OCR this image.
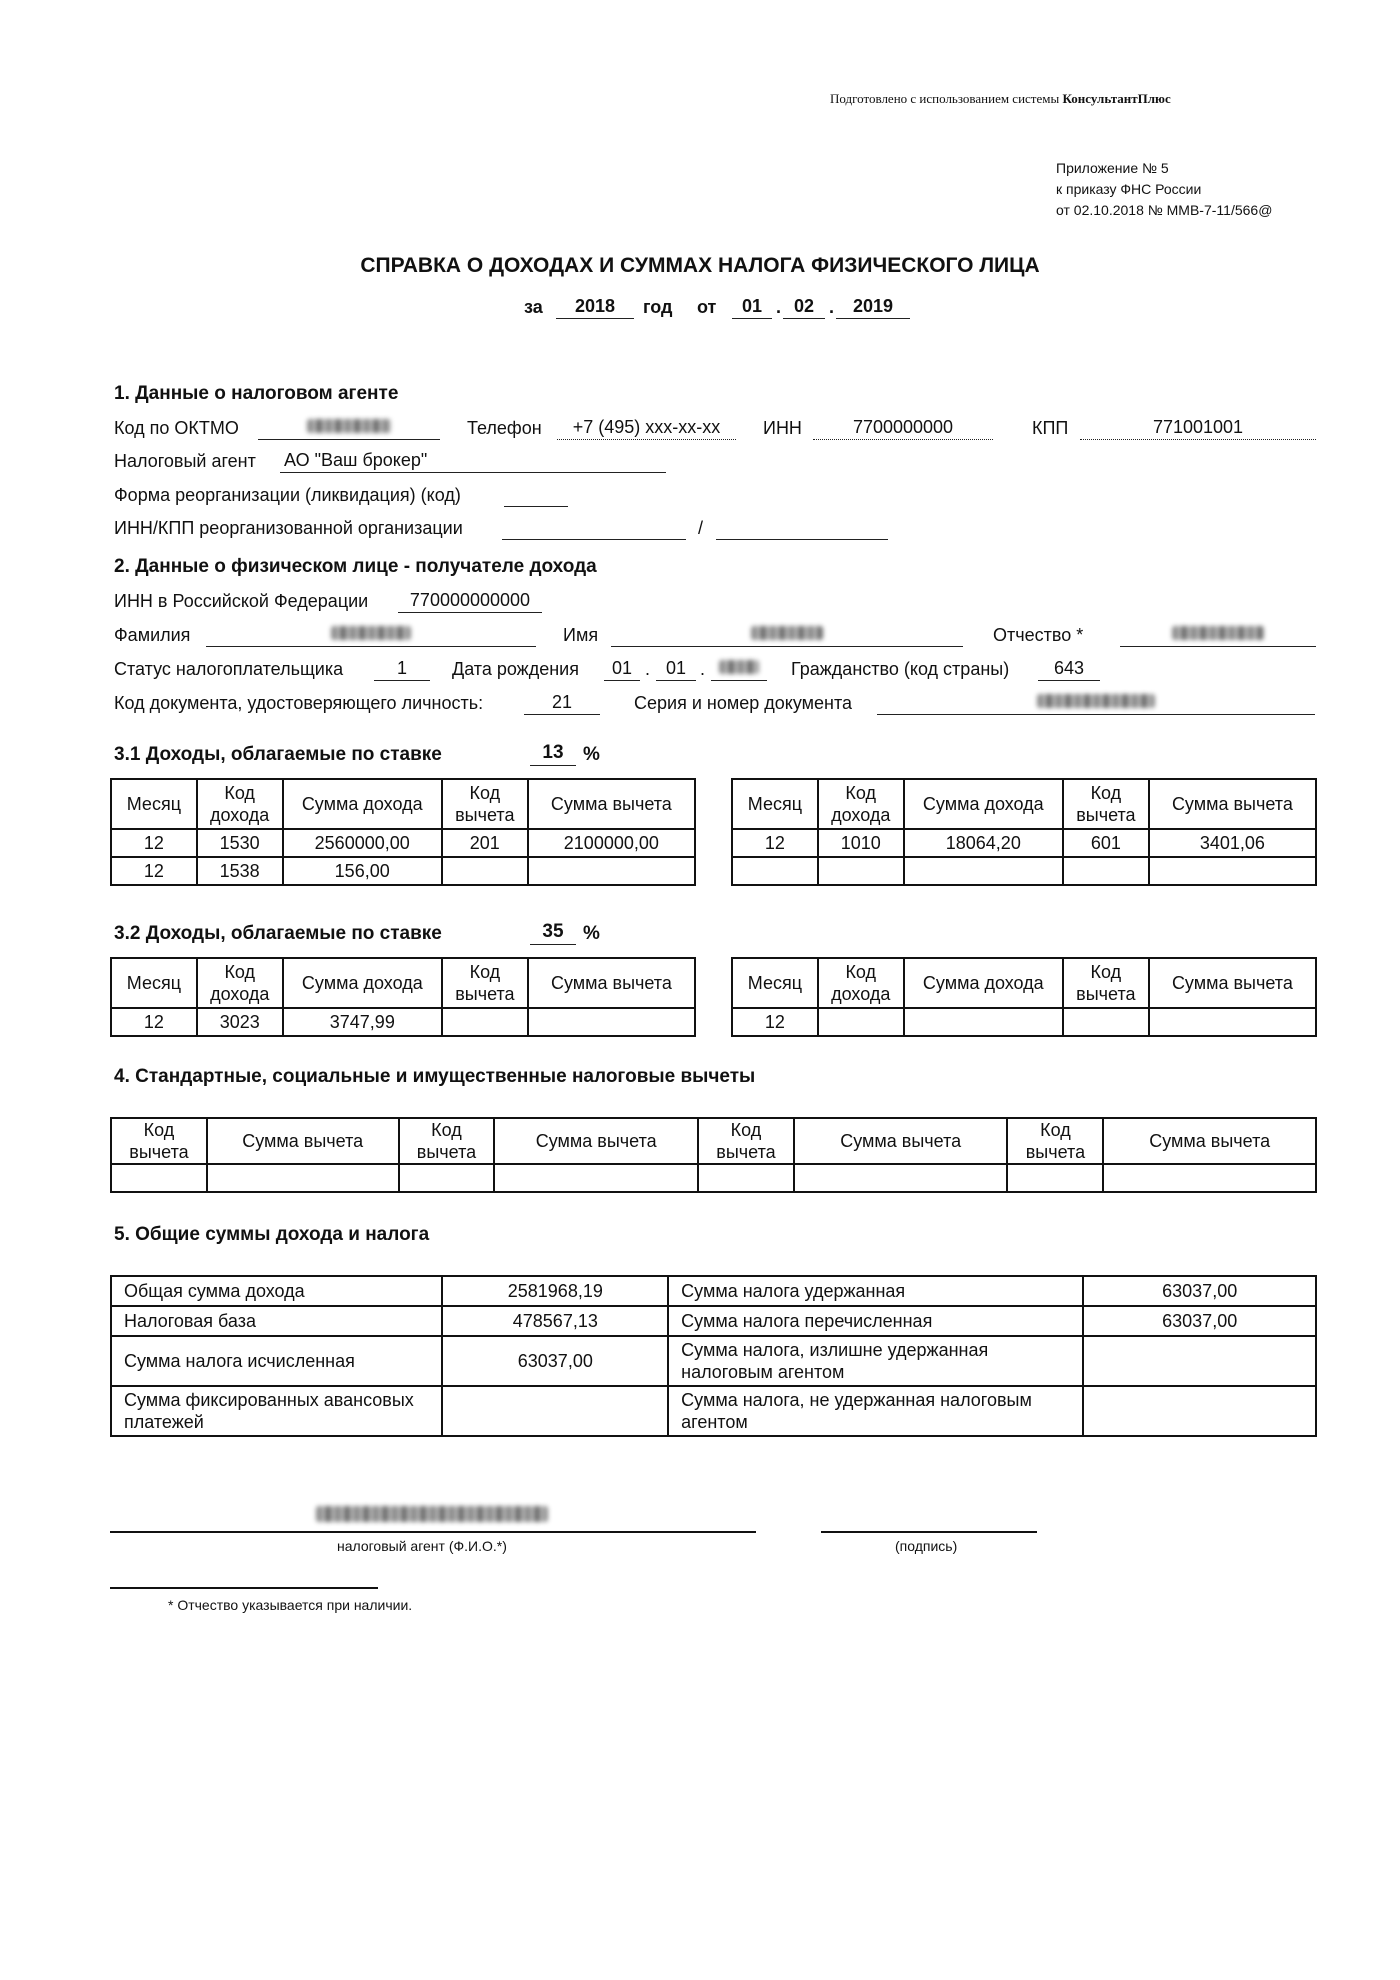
Подготовлено с использованием системы КонсультантПлюс
Приложение № 5
к приказу ФНС России
от 02.10.2018 № ММВ-7-11/566@
СПРАВКА О ДОХОДАХ И СУММАХ НАЛОГА ФИЗИЧЕСКОГО ЛИЦА
за	2018	год от	01 . 02 .	2019
1. Данные о налоговом агенте
Код по ОКТМО	Телефон	+7 (495) xxx-xx-xx	ИНН	7700000000	КПП	771001001
Налоговый агент АО "Ваш брокер"
Форма реорганизации (ликвидация) (код)
ИНН/КПП реорганизованной организации	/
2. Данные о физическом лице - получателе дохода
ИНН в Российской Федерации	770000000000
Фамилия	Имя	Отчество *
Статус налогоплательщика	1	Дата рождения	01 . 01 .	Гражданство (код страны)	643
Код документа, удостоверяющего личность:	21	Серия и номер документа
3.1 Доходы, облагаемые по ставке	13	%
Месяц	Код дохода	Сумма дохода	Код вычета	Сумма вычета
12	1530	2560000,00	201	2100000,00
12	1538	156,00		
Месяц	Код дохода	Сумма дохода	Код вычета	Сумма вычета
12	1010	18064,20	601	3401,06

3.2 Доходы, облагаемые по ставке	35	%
Месяц	Код дохода	Сумма дохода	Код вычета	Сумма вычета
12	3023	3747,99		
Месяц	Код дохода	Сумма дохода	Код вычета	Сумма вычета
12				
4. Стандартные, социальные и имущественные налоговые вычеты
Код вычета	Сумма вычета	Код вычета	Сумма вычета	Код вычета	Сумма вычета	Код вычета	Сумма вычета

5. Общие суммы дохода и налога
Общая сумма дохода	2581968,19	Сумма налога удержанная	63037,00
Налоговая база	478567,13	Сумма налога перечисленная	63037,00
Сумма налога исчисленная	63037,00	Сумма налога, излишне удержанная налоговым агентом	
Сумма фиксированных авансовых платежей		Сумма налога, не удержанная налоговым агентом	
налоговый агент (Ф.И.О.*)	(подпись)
* Отчество указывается при наличии.
